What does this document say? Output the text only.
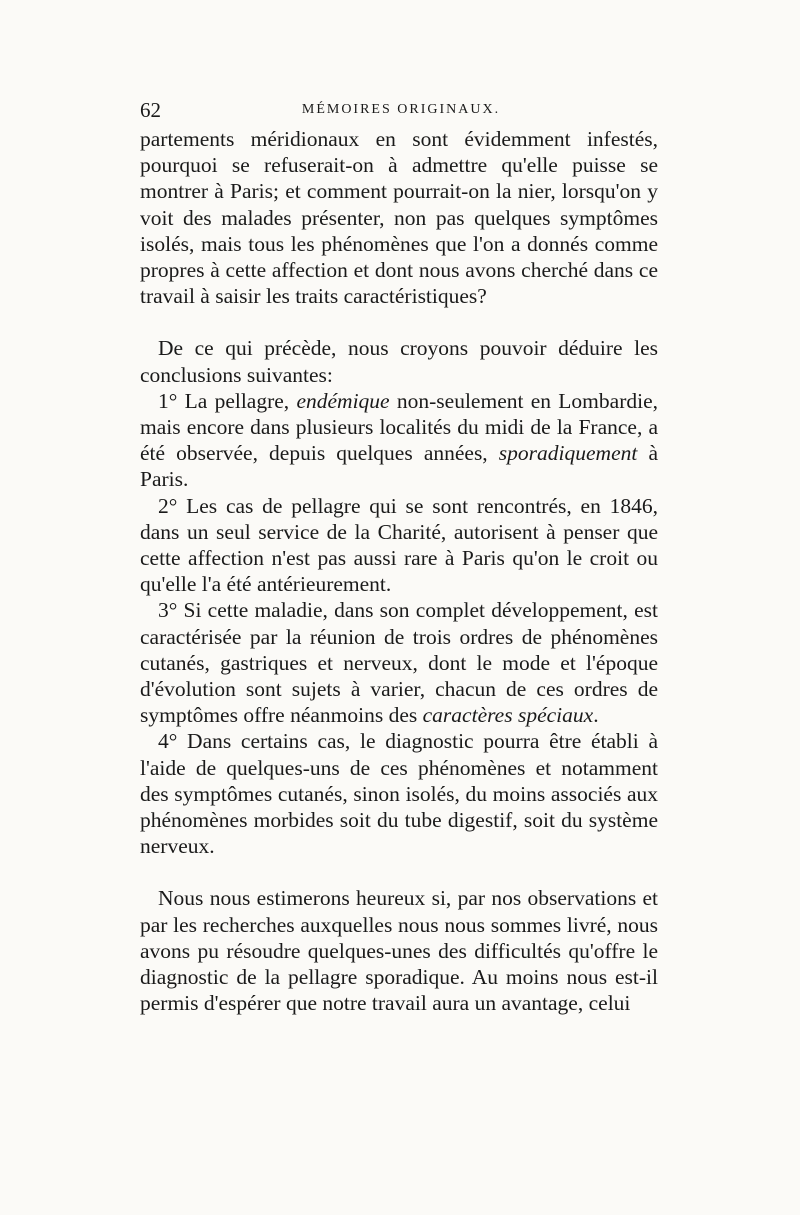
62	MÉMOIRES ORIGINAUX.

partements méridionaux en sont évidemment infestés, pourquoi se refuserait-on à admettre qu'elle puisse se montrer à Paris; et comment pourrait-on la nier, lorsqu'on y voit des malades présenter, non pas quelques symptômes isolés, mais tous les phénomènes que l'on a donnés comme propres à cette affection et dont nous avons cherché dans ce travail à saisir les traits caractéristiques?

De ce qui précède, nous croyons pouvoir déduire les conclusions suivantes:

1° La pellagre, endémique non-seulement en Lombardie, mais encore dans plusieurs localités du midi de la France, a été observée, depuis quelques années, sporadiquement à Paris.

2° Les cas de pellagre qui se sont rencontrés, en 1846, dans un seul service de la Charité, autorisent à penser que cette affection n'est pas aussi rare à Paris qu'on le croit ou qu'elle l'a été antérieurement.

3° Si cette maladie, dans son complet développement, est caractérisée par la réunion de trois ordres de phénomènes cutanés, gastriques et nerveux, dont le mode et l'époque d'évolution sont sujets à varier, chacun de ces ordres de symptômes offre néanmoins des caractères spéciaux.

4° Dans certains cas, le diagnostic pourra être établi à l'aide de quelques-uns de ces phénomènes et notamment des symptômes cutanés, sinon isolés, du moins associés aux phénomènes morbides soit du tube digestif, soit du système nerveux.

Nous nous estimerons heureux si, par nos observations et par les recherches auxquelles nous nous sommes livré, nous avons pu résoudre quelques-unes des difficultés qu'offre le diagnostic de la pellagre sporadique. Au moins nous est-il permis d'espérer que notre travail aura un avantage, celui
